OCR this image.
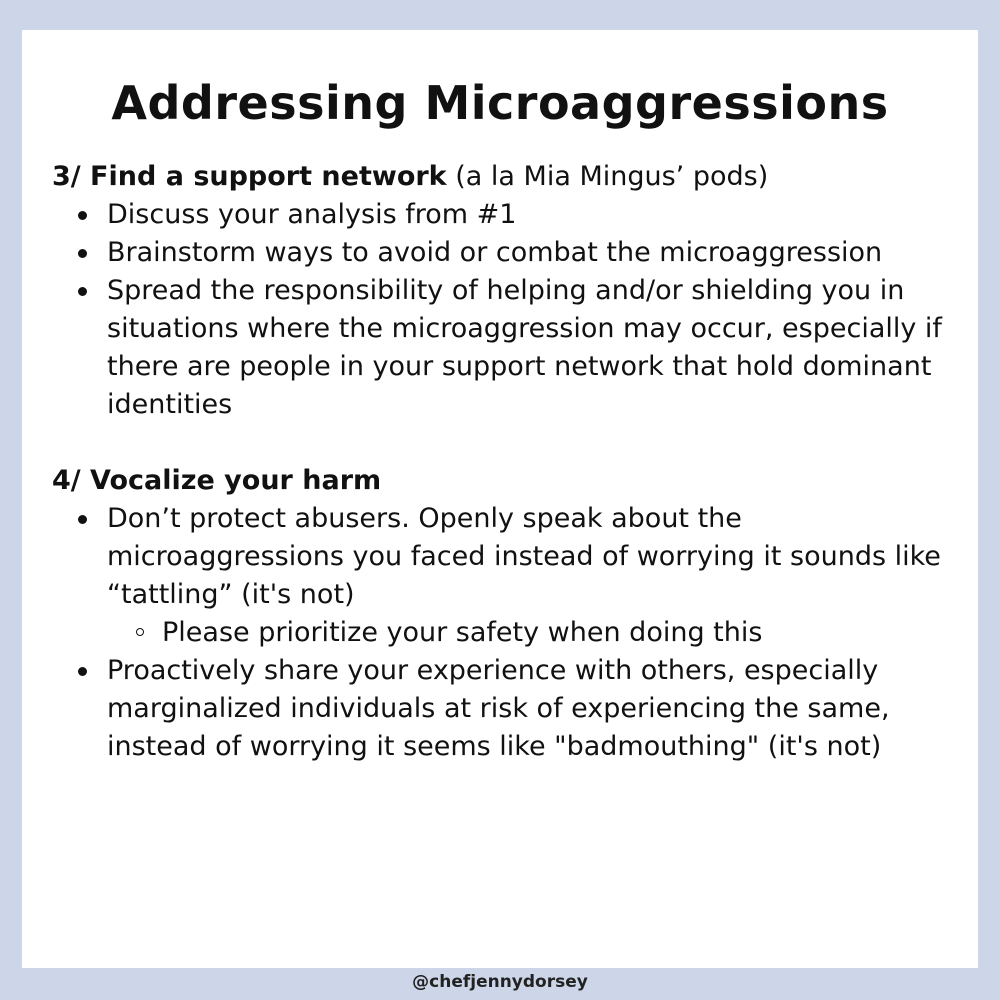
Addressing Microaggressions

3/ Find a support network (a la Mia Mingus’ pods)

Discuss your analysis from #1
Brainstorm ways to avoid or combat the microaggression
Spread the responsibility of helping and/or shielding you in situations where the microaggression may occur, especially if there are people in your support network that hold dominant identities

4/ Vocalize your harm

Don’t protect abusers. Openly speak about the microaggressions you faced instead of worrying it sounds like “tattling” (it's not)
Please prioritize your safety when doing this
Proactively share your experience with others, especially marginalized individuals at risk of experiencing the same, instead of worrying it seems like "badmouthing" (it's not)
@chefjennydorsey
